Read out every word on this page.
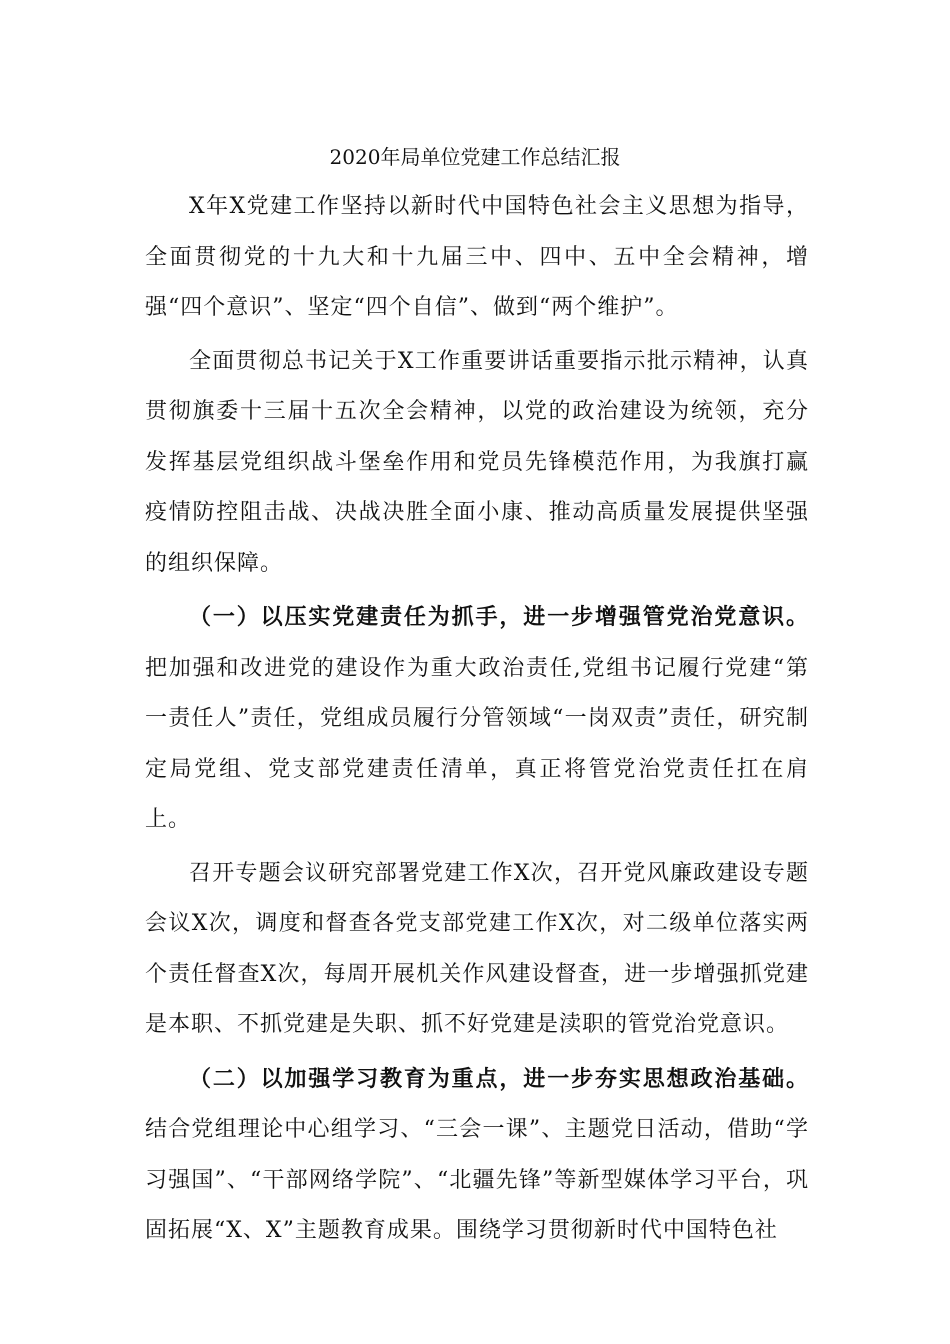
2020年局单位党建工作总结汇报

X年X党建工作坚持以新时代中国特色社会主义思想为指导，全面贯彻党的十九大和十九届三中、四中、五中全会精神，增强“四个意识”、坚定“四个自信”、做到“两个维护”。

全面贯彻总书记关于X工作重要讲话重要指示批示精神，认真贯彻旗委十三届十五次全会精神，以党的政治建设为统领，充分发挥基层党组织战斗堡垒作用和党员先锋模范作用，为我旗打赢疫情防控阻击战、决战决胜全面小康、推动高质量发展提供坚强的组织保障。

（一）以压实党建责任为抓手，进一步增强管党治党意识。把加强和改进党的建设作为重大政治责任,党组书记履行党建“第一责任人”责任，党组成员履行分管领域“一岗双责”责任，研究制定局党组、党支部党建责任清单，真正将管党治党责任扛在肩上。

召开专题会议研究部署党建工作X次，召开党风廉政建设专题会议X次，调度和督查各党支部党建工作X次，对二级单位落实两个责任督查X次，每周开展机关作风建设督查，进一步增强抓党建是本职、不抓党建是失职、抓不好党建是渎职的管党治党意识。

（二）以加强学习教育为重点，进一步夯实思想政治基础。结合党组理论中心组学习、“三会一课”、主题党日活动，借助“学习强国”、“干部网络学院”、“北疆先锋”等新型媒体学习平台，巩固拓展“X、X”主题教育成果。围绕学习贯彻新时代中国特色社
